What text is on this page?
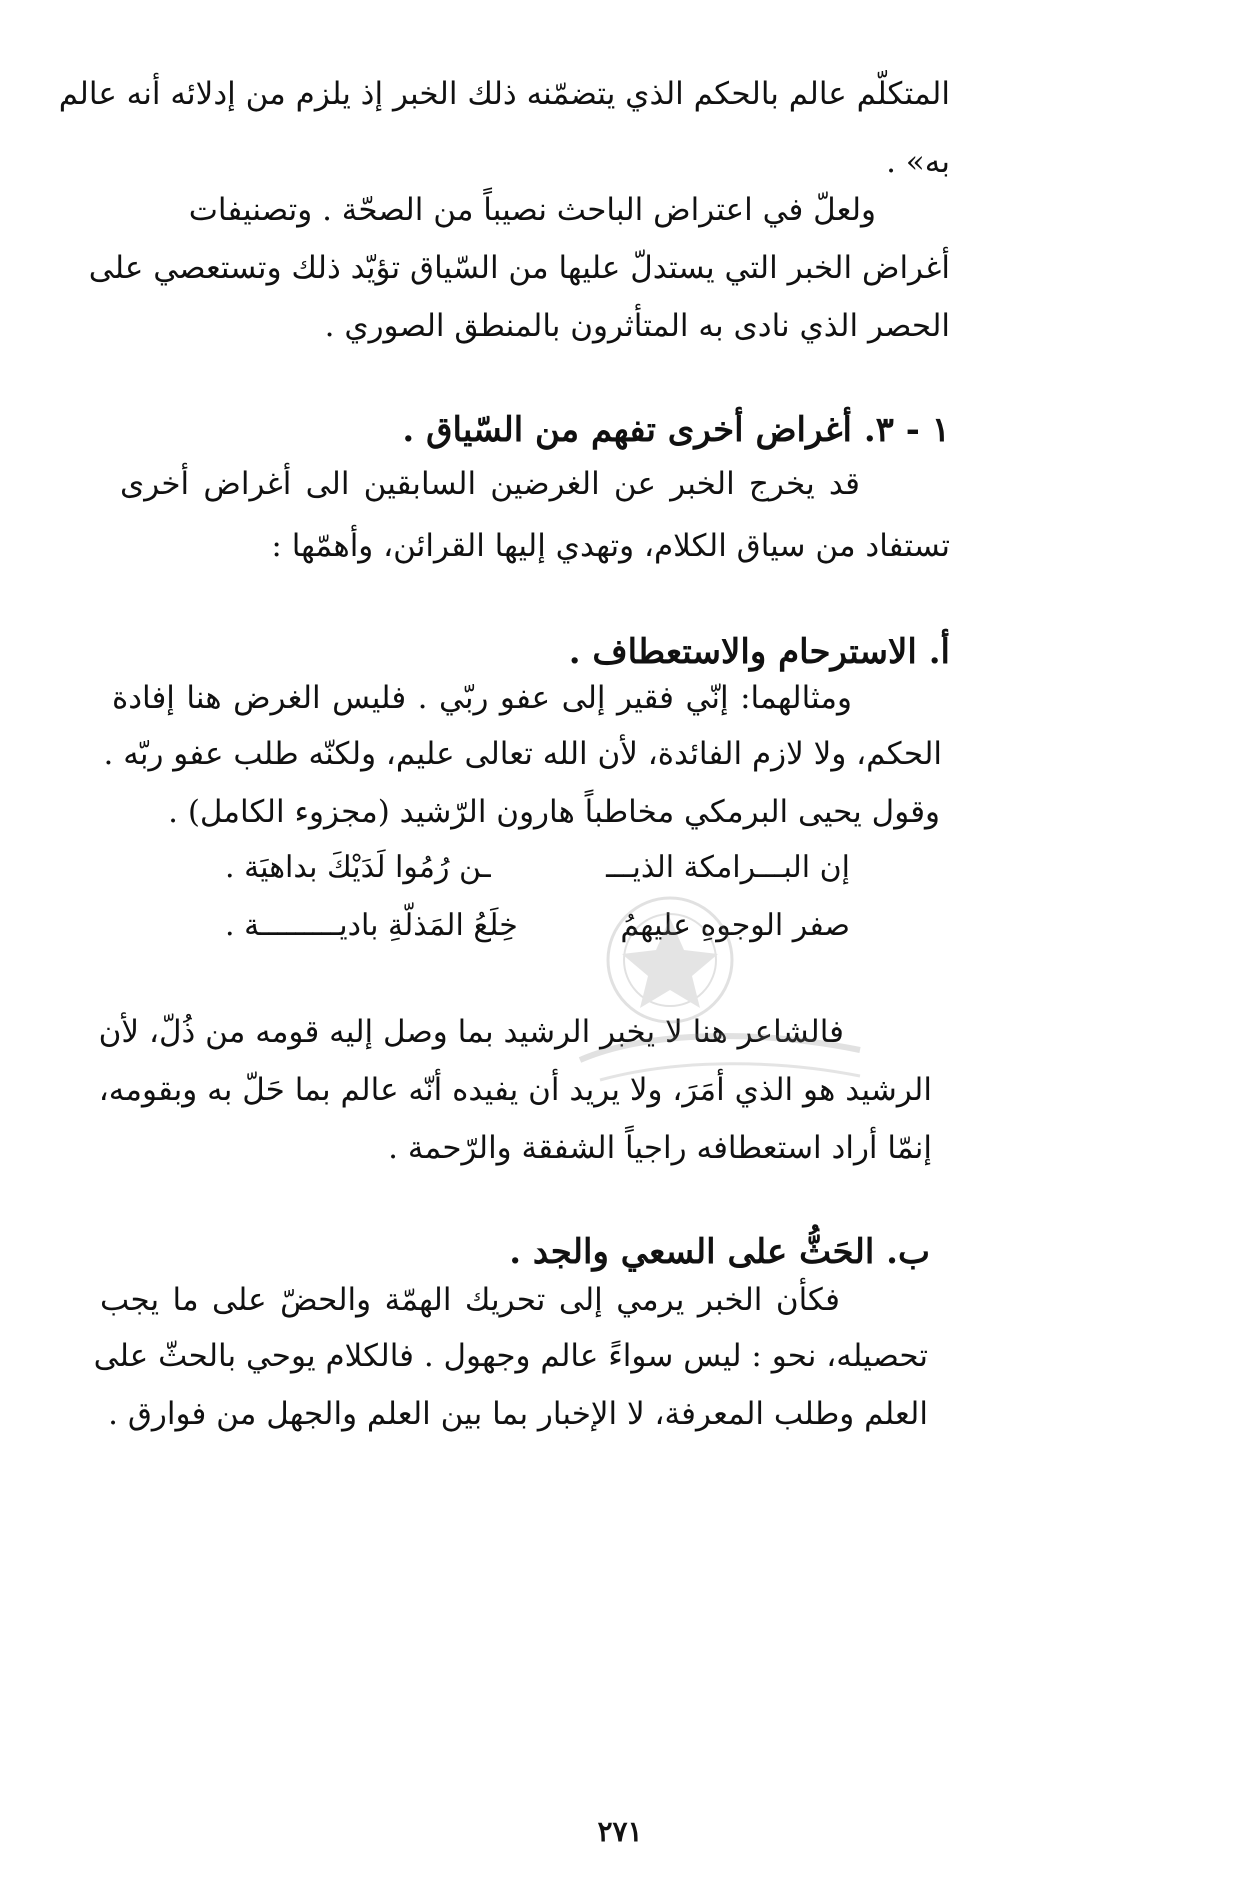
المتكلّم عالم بالحكم الذي يتضمّنه ذلك الخبر إذ يلزم من إدلائه أنه عالم

به» .

ولعلّ في اعتراض الباحث نصيباً من الصحّة . وتصنيفات

أغراض الخبر التي يستدلّ عليها من السّياق تؤيّد ذلك وتستعصي على

الحصر الذي نادى به المتأثرون بالمنطق الصوري .

١ - ٣. أغراض أخرى تفهم من السّياق .

قد يخرج الخبر عن الغرضين السابقين الى أغراض أخرى

تستفاد من سياق الكلام، وتهدي إليها القرائن، وأهمّها :

أ. الاسترحام والاستعطاف .

ومثالهما: إنّي فقير إلى عفو ربّي . فليس الغرض هنا إفادة

الحكم، ولا لازم الفائدة، لأن الله تعالى عليم، ولكنّه طلب عفو ربّه .

وقول يحيى البرمكي مخاطباً هارون الرّشيد (مجزوء الكامل) .

إن البـــرامكة الذيـــ

ـن رُمُوا لَدَيْكَ بداهيَة .

صفر الوجوهِ عليهمُ

خِلَعُ المَذلّةِ باديـــــــــة .

فالشاعر هنا لا يخبر الرشيد بما وصل إليه قومه من ذُلّ، لأن

الرشيد هو الذي أمَرَ، ولا يريد أن يفيده أنّه عالم بما حَلّ به وبقومه،

إنمّا أراد استعطافه راجياً الشفقة والرّحمة .

ب. الحَثُّ على السعي والجد .

فكأن الخبر يرمي إلى تحريك الهمّة والحضّ على ما يجب

تحصيله، نحو : ليس سواءً عالم وجهول . فالكلام يوحي بالحثّ على

العلم وطلب المعرفة، لا الإخبار بما بين العلم والجهل من فوارق .

٢٧١
